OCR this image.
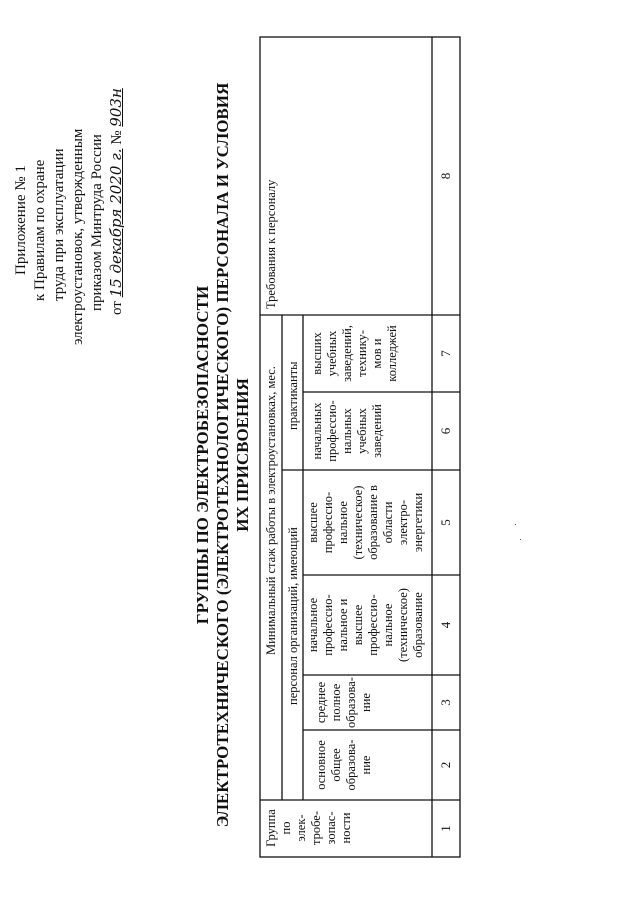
Приложение № 1 к Правилам по охране труда при эксплуатации электроустановок, утвержденным приказом Минтруда России от 15 декабря 2020 г. № 903н
ГРУППЫ ПО ЭЛЕКТРОБЕЗОПАСНОСТИ ЭЛЕКТРОТЕХНИЧЕСКОГО (ЭЛЕКТРОТЕХНОЛОГИЧЕСКОГО) ПЕРСОНАЛА И УСЛОВИЯ ИХ ПРИСВОЕНИЯ
Группа по элек- тробе- зопас- ности
Минимальный стаж работы в электроустановках, мес. персонал организаций, имеющий
практиканты
Требования к персоналу
основное общее образова- ние
среднее полное образова- ние
начальное профессио- нальное и высшее профессио- нальное (техническое) образование
высшее профессио- нальное (техническое) образование в области электро- энергетики
начальных профессио- нальных учебных заведений
высших учебных заведений, технику- мов и колледжей
1
2
3
4
5
6
7
8
